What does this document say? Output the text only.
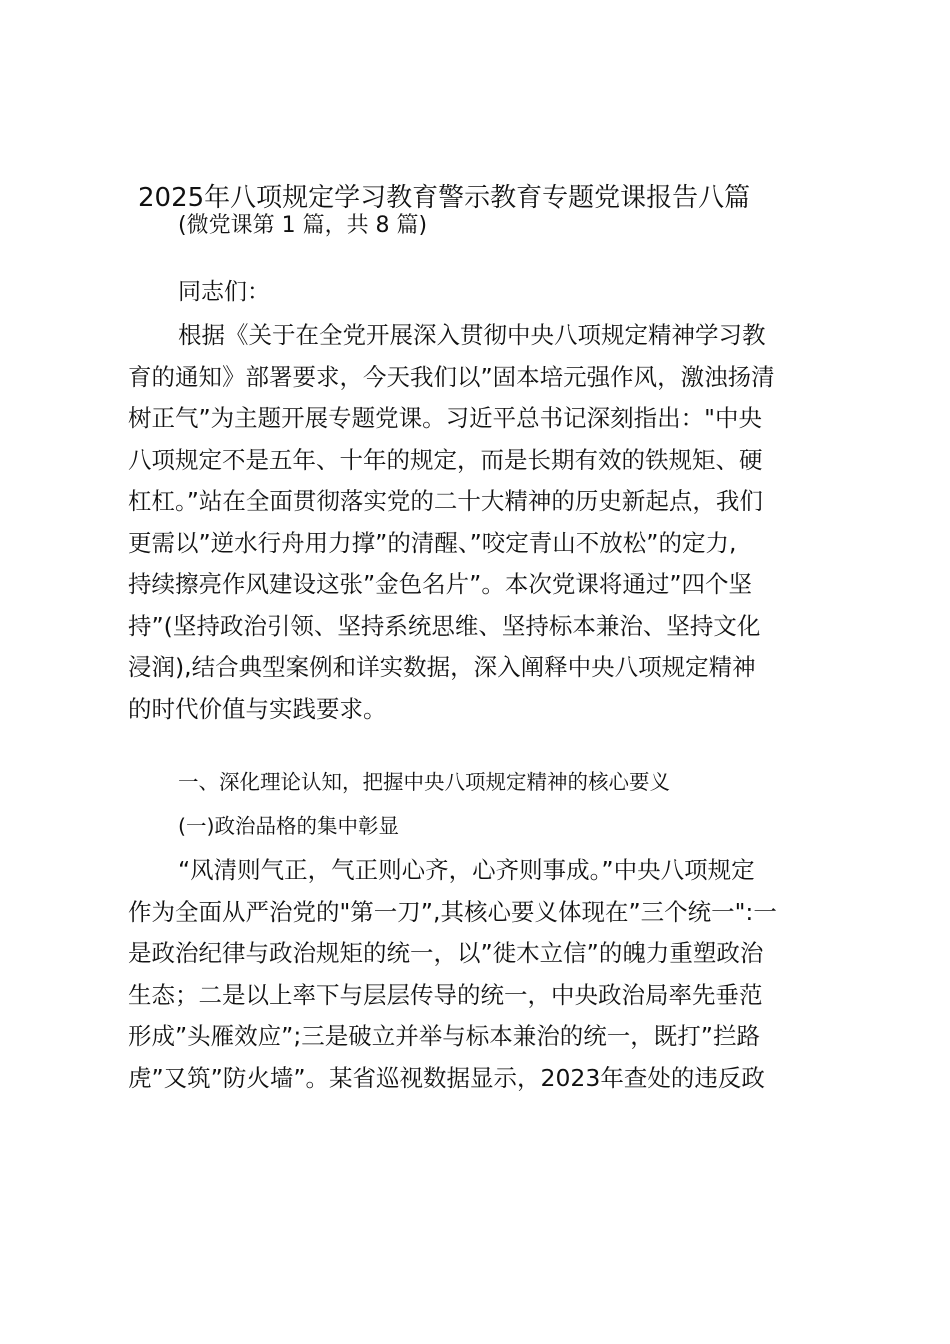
2025年八项规定学习教育警示教育专题党课报告八篇
(微党课第 1 篇，共 8 篇)
同志们：
根据《关于在全党开展深入贯彻中央八项规定精神学习教
育的通知》部署要求，今天我们以”固本培元强作风，激浊扬清
树正气”为主题开展专题党课。习近平总书记深刻指出："中央
八项规定不是五年、十年的规定，而是长期有效的铁规矩、硬
杠杠。”站在全面贯彻落实党的二十大精神的历史新起点，我们
更需以”逆水行舟用力撑”的清醒、”咬定青山不放松”的定力,
持续擦亮作风建设这张”金色名片”。本次党课将通过”四个坚
持”(坚持政治引领、坚持系统思维、坚持标本兼治、坚持文化
浸润),结合典型案例和详实数据，深入阐释中央八项规定精神
的时代价值与实践要求。
一、深化理论认知，把握中央八项规定精神的核心要义
(一)政治品格的集中彰显
“风清则气正，气正则心齐，心齐则事成。”中央八项规定
作为全面从严治党的"第一刀”,其核心要义体现在”三个统一":一
是政治纪律与政治规矩的统一，以”徙木立信”的魄力重塑政治
生态；二是以上率下与层层传导的统一，中央政治局率先垂范
形成”头雁效应”;三是破立并举与标本兼治的统一，既打”拦路
虎”又筑”防火墙”。某省巡视数据显示，2023年查处的违反政
